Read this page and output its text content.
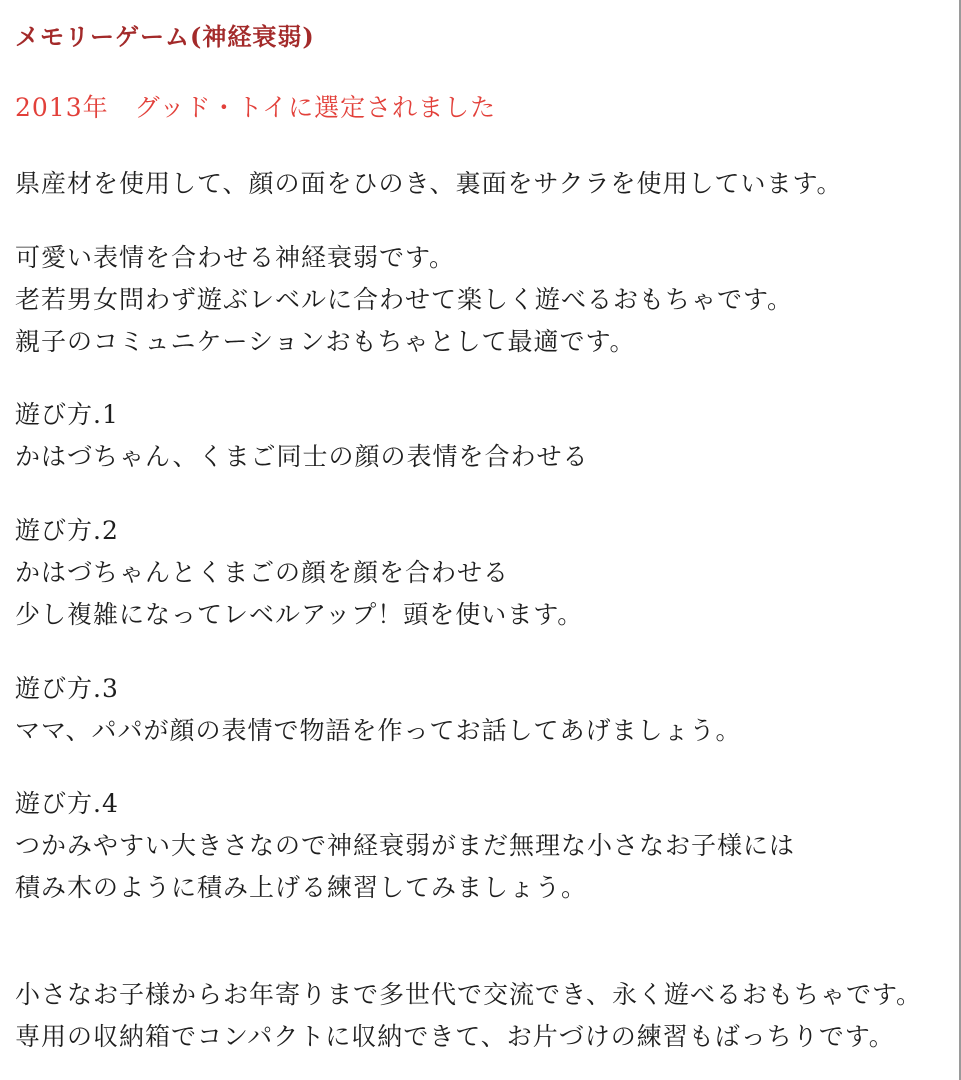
メモリーゲーム(神経衰弱)
2013年　グッド・トイに選定されました
県産材を使用して、顔の面をひのき、裏面をサクラを使用しています。
可愛い表情を合わせる神経衰弱です。
老若男女問わず遊ぶレベルに合わせて楽しく遊べるおもちゃです。
親子のコミュニケーションおもちゃとして最適です。
遊び方.1
かはづちゃん、くまご同士の顔の表情を合わせる
遊び方.2
かはづちゃんとくまごの顔を顔を合わせる
少し複雑になってレベルアップ！頭を使います。
遊び方.3
ママ、パパが顔の表情で物語を作ってお話してあげましょう。
遊び方.4
つかみやすい大きさなので神経衰弱がまだ無理な小さなお子様には
積み木のように積み上げる練習してみましょう。
小さなお子様からお年寄りまで多世代で交流でき、永く遊べるおもちゃです。
専用の収納箱でコンパクトに収納できて、お片づけの練習もばっちりです。
